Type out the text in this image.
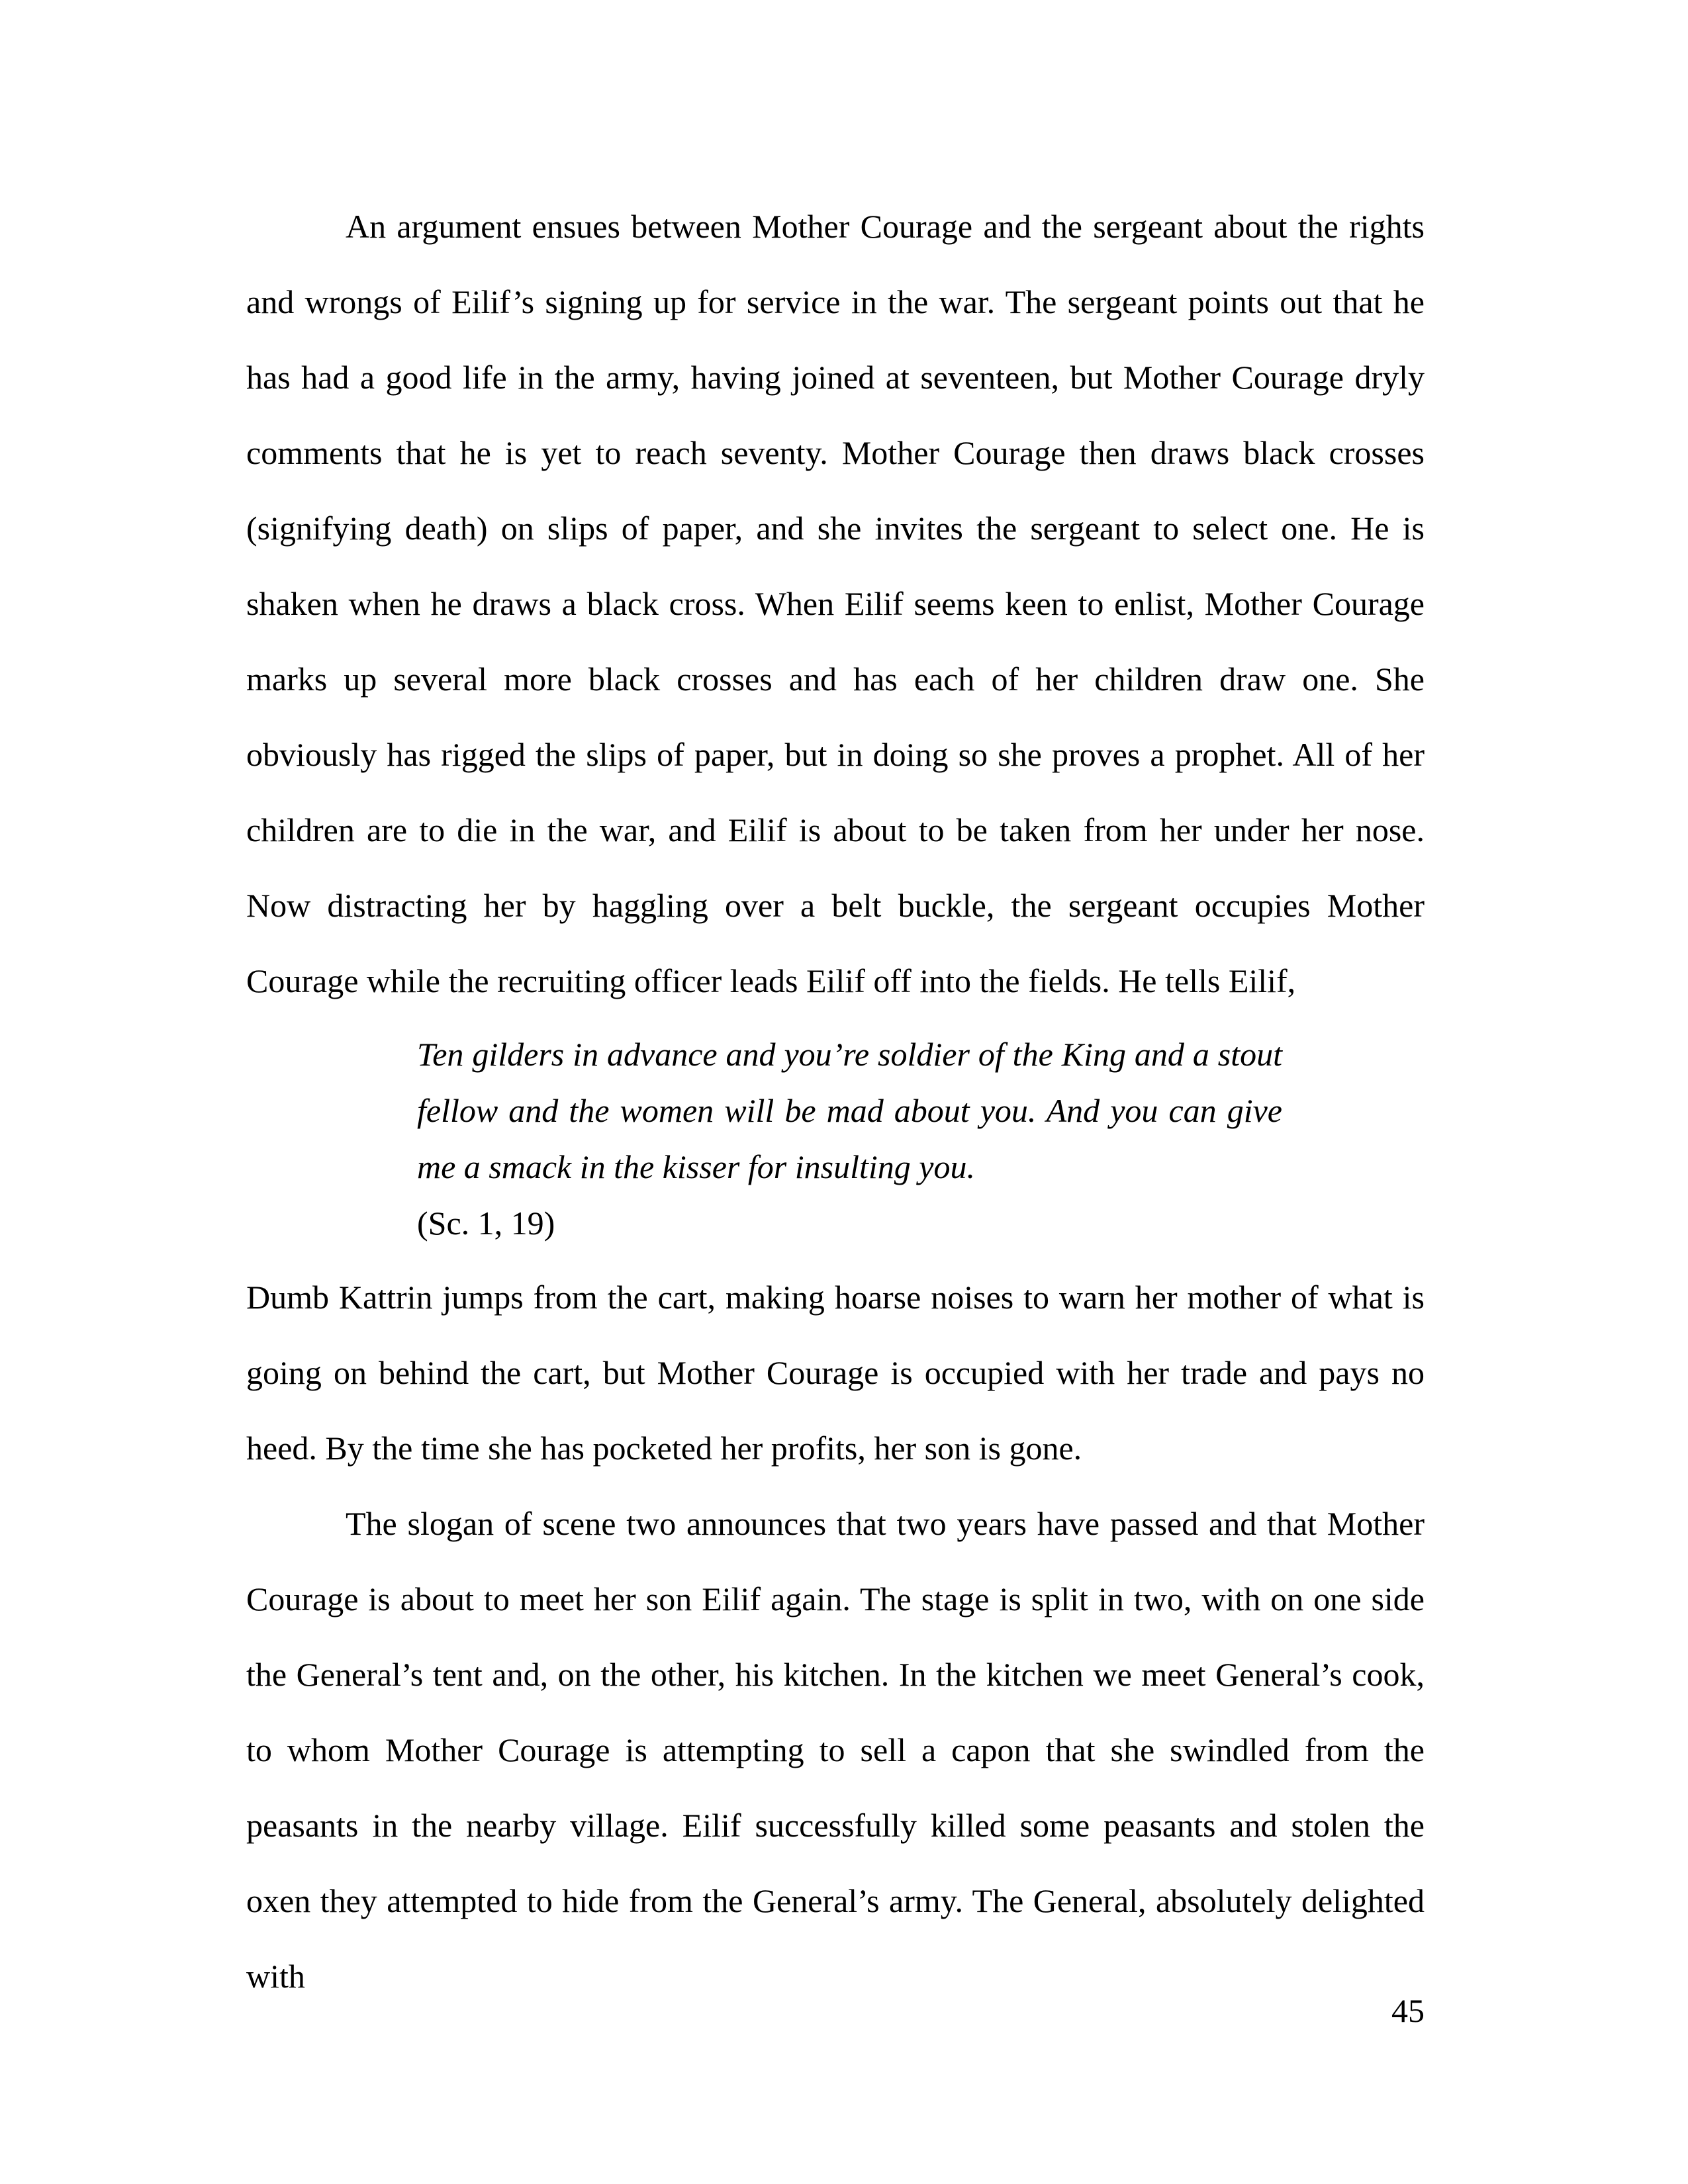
An argument ensues between Mother Courage and the sergeant about the rights and wrongs of Eilif’s signing up for service in the war. The sergeant points out that he has had a good life in the army, having joined at seventeen, but Mother Courage dryly comments that he is yet to reach seventy. Mother Courage then draws black crosses (signifying death) on slips of paper, and she invites the sergeant to select one. He is shaken when he draws a black cross. When Eilif seems keen to enlist, Mother Courage marks up several more black crosses and has each of her children draw one. She obviously has rigged the slips of paper, but in doing so she proves a prophet. All of her children are to die in the war, and Eilif is about to be taken from her under her nose. Now distracting her by haggling over a belt buckle, the sergeant occupies Mother Courage while the recruiting officer leads Eilif off into the fields. He tells Eilif,

Ten gilders in advance and you’re soldier of the King and a stout fellow and the women will be mad about you. And you can give me a smack in the kisser for insulting you.
(Sc. 1, 19)

Dumb Kattrin jumps from the cart, making hoarse noises to warn her mother of what is going on behind the cart, but Mother Courage is occupied with her trade and pays no heed. By the time she has pocketed her profits, her son is gone.

The slogan of scene two announces that two years have passed and that Mother Courage is about to meet her son Eilif again. The stage is split in two, with on one side the General’s tent and, on the other, his kitchen. In the kitchen we meet General’s cook, to whom Mother Courage is attempting to sell a capon that she swindled from the peasants in the nearby village. Eilif successfully killed some peasants and stolen the oxen they attempted to hide from the General’s army. The General, absolutely delighted with

45
